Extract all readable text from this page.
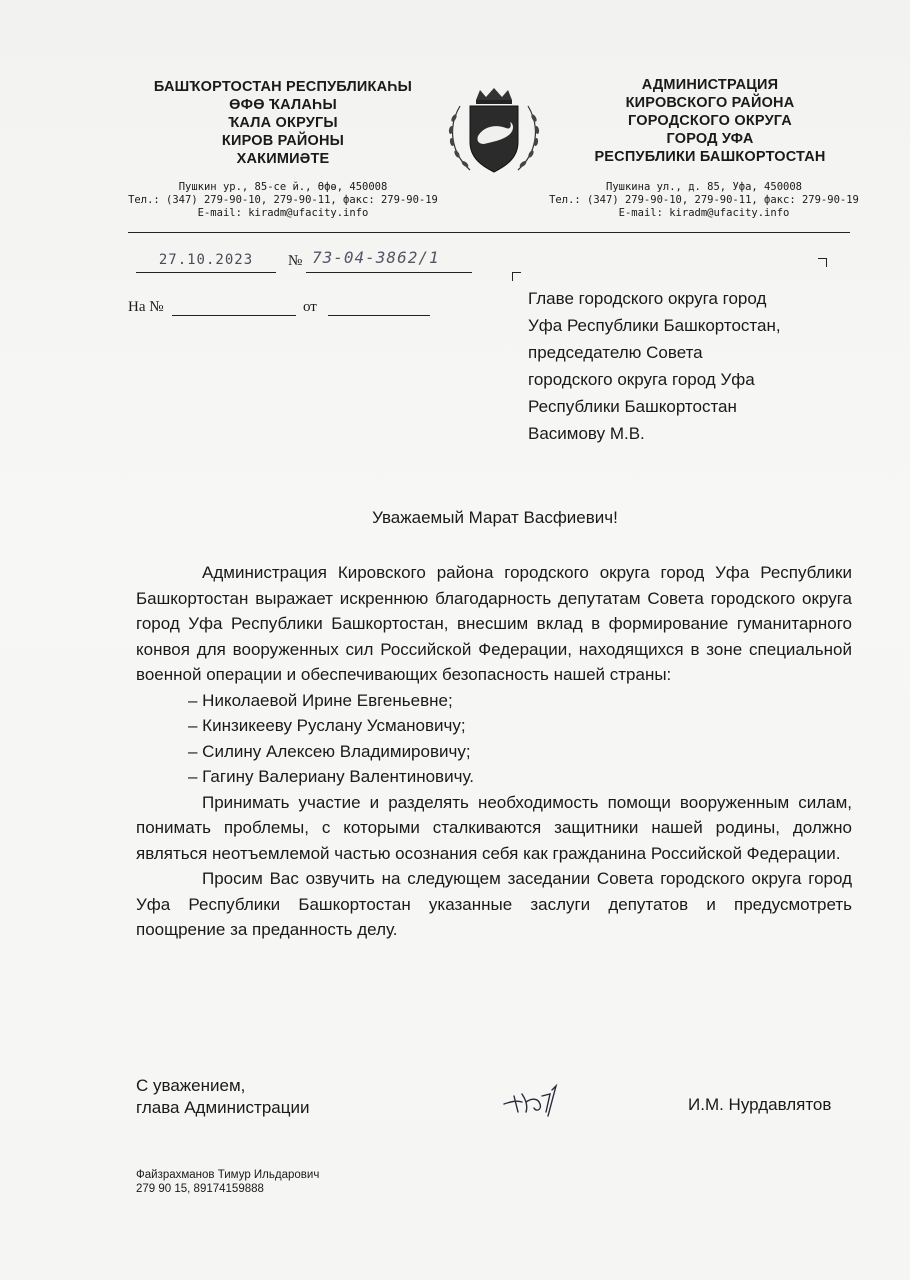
БАШҠОРТОСТАН РЕСПУБЛИКАҺЫ
ӨФӨ ҠАЛАҺЫ
ҠАЛА ОКРУГЫ
КИРОВ РАЙОНЫ
ХАКИМИӘТЕ
АДМИНИСТРАЦИЯ
КИРОВСКОГО РАЙОНА
ГОРОДСКОГО ОКРУГА
ГОРОД УФА
РЕСПУБЛИКИ БАШКОРТОСТАН
Пушкин ур., 85-се й., Өфө, 450008
Тел.: (347) 279-90-10, 279-90-11, факс: 279-90-19
E-mail: kiradm@ufacity.info
Пушкина ул., д. 85, Уфа, 450008
Тел.: (347) 279-90-10, 279-90-11, факс: 279-90-19
E-mail: kiradm@ufacity.info
27.10.2023	№ 73-04-3862/1
На №	от	Главе городского округа город
Уфа Республики Башкортостан,
председателю Совета
городского округа город Уфа
Республики Башкортостан
Васимову М.В.
Уважаемый Марат Васфиевич!

Администрация Кировского района городского округа город Уфа Республики Башкортостан выражает искреннюю благодарность депутатам Совета городского округа город Уфа Республики Башкортостан, внесшим вклад в формирование гуманитарного конвоя для вооруженных сил Российской Федерации, находящихся в зоне специальной военной операции и обеспечивающих безопасность нашей страны:

– Николаевой Ирине Евгеньевне;

– Кинзикееву Руслану Усмановичу;

– Силину Алексею Владимировичу;

– Гагину Валериану Валентиновичу.

Принимать участие и разделять необходимость помощи вооруженным силам, понимать проблемы, с которыми сталкиваются защитники нашей родины, должно являться неотъемлемой частью осознания себя как гражданина Российской Федерации.

Просим Вас озвучить на следующем заседании Совета городского округа город Уфа Республики Башкортостан указанные заслуги депутатов и предусмотреть поощрение за преданность делу.

С уважением,
глава Администрации	И.М. Нурдавлятов
Файзрахманов Тимур Ильдарович
279 90 15, 89174159888
